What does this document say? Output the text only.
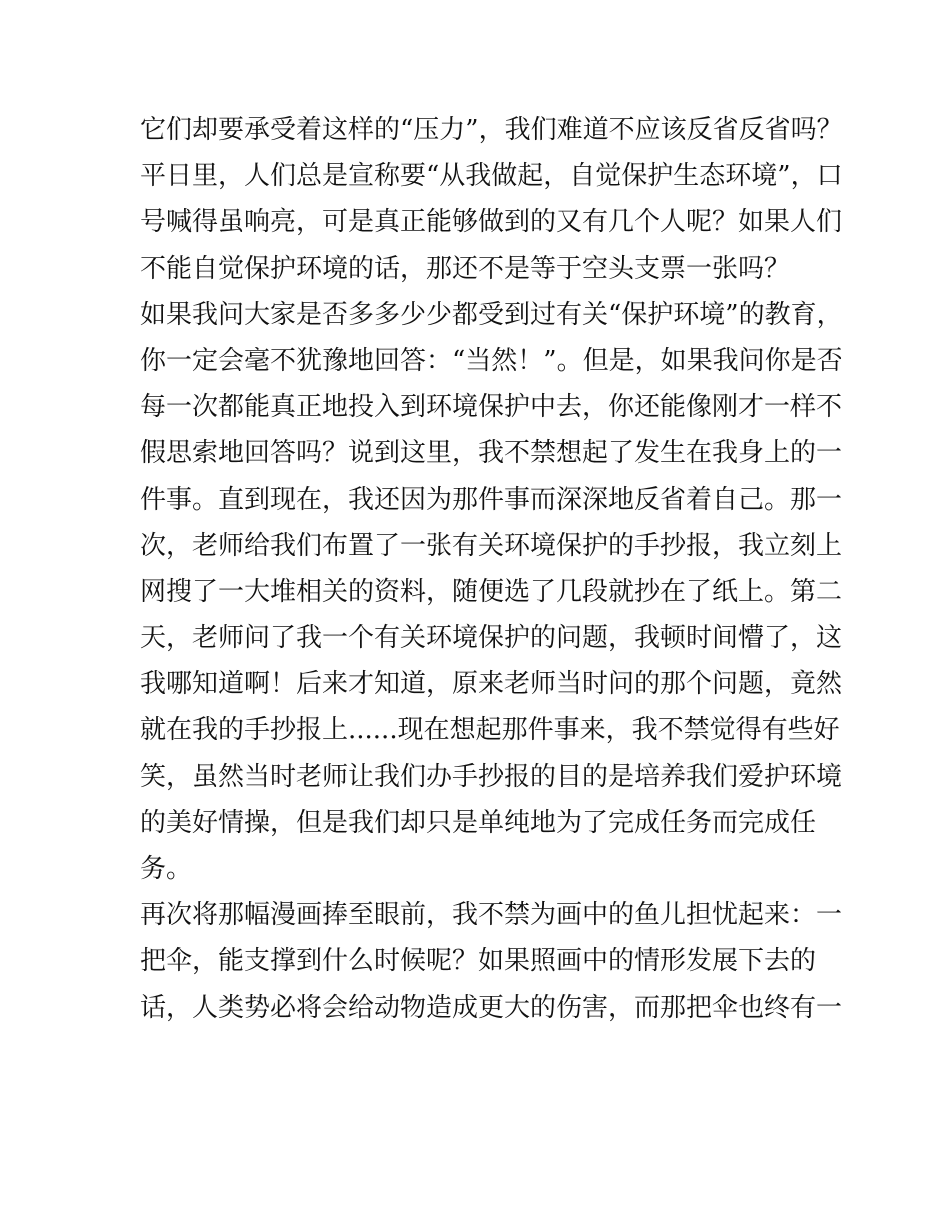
它们却要承受着这样的“压力”，我们难道不应该反省反省吗？
平日里，人们总是宣称要“从我做起，自觉保护生态环境”，口
号喊得虽响亮，可是真正能够做到的又有几个人呢？如果人们
不能自觉保护环境的话，那还不是等于空头支票一张吗？
如果我问大家是否多多少少都受到过有关“保护环境”的教育，
你一定会毫不犹豫地回答：“当然！”。但是，如果我问你是否
每一次都能真正地投入到环境保护中去，你还能像刚才一样不
假思索地回答吗？说到这里，我不禁想起了发生在我身上的一
件事。直到现在，我还因为那件事而深深地反省着自己。那一
次，老师给我们布置了一张有关环境保护的手抄报，我立刻上
网搜了一大堆相关的资料，随便选了几段就抄在了纸上。第二
天，老师问了我一个有关环境保护的问题，我顿时间懵了，这
我哪知道啊！后来才知道，原来老师当时问的那个问题，竟然
就在我的手抄报上......现在想起那件事来，我不禁觉得有些好
笑，虽然当时老师让我们办手抄报的目的是培养我们爱护环境
的美好情操，但是我们却只是单纯地为了完成任务而完成任
务。
再次将那幅漫画捧至眼前，我不禁为画中的鱼儿担忧起来：一
把伞，能支撑到什么时候呢？如果照画中的情形发展下去的
话，人类势必将会给动物造成更大的伤害，而那把伞也终有一
